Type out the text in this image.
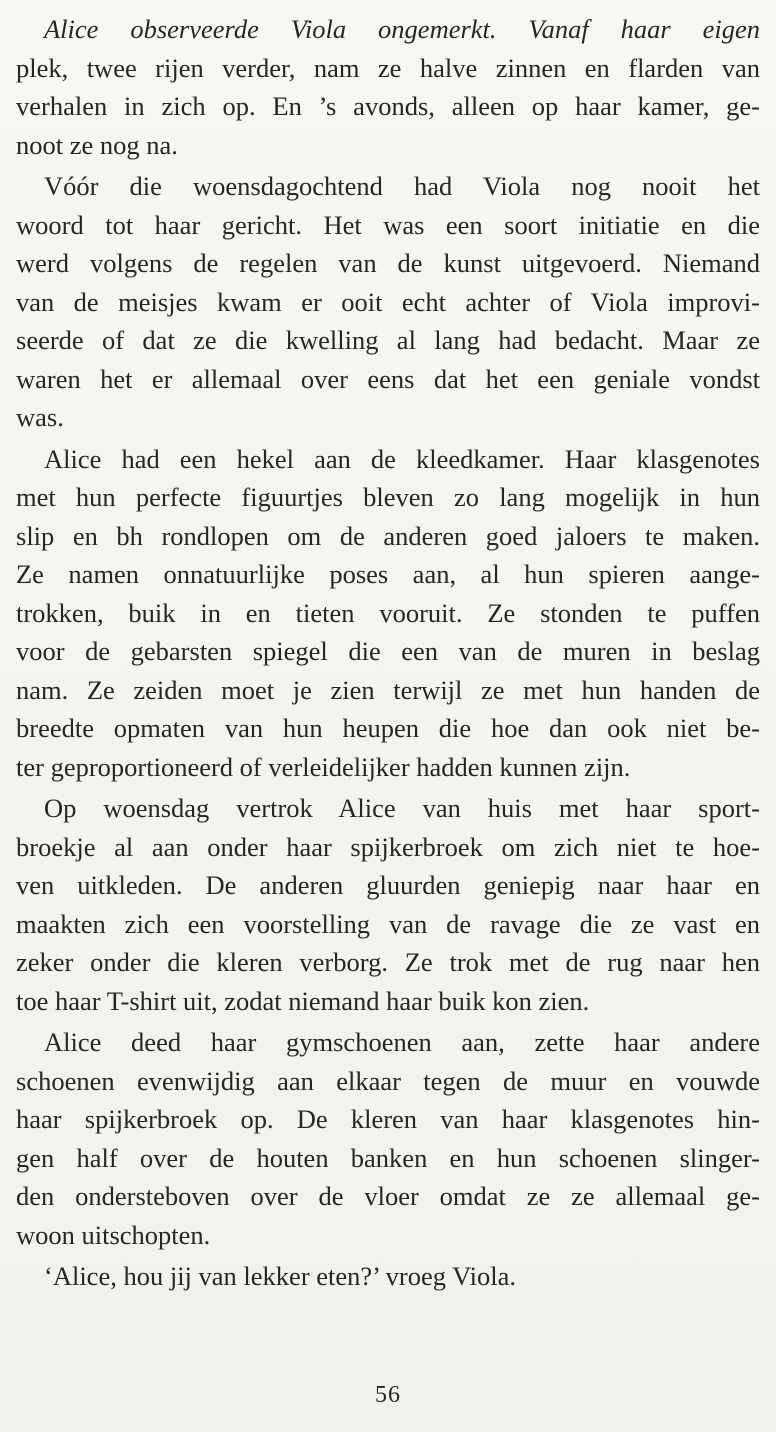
Alice observeerde Viola ongemerkt. Vanaf haar eigen
plek, twee rijen verder, nam ze halve zinnen en flarden van
verhalen in zich op. En ’s avonds, alleen op haar kamer, ge-
noot ze nog na.
Vóór die woensdagochtend had Viola nog nooit het
woord tot haar gericht. Het was een soort initiatie en die
werd volgens de regelen van de kunst uitgevoerd. Niemand
van de meisjes kwam er ooit echt achter of Viola improvi-
seerde of dat ze die kwelling al lang had bedacht. Maar ze
waren het er allemaal over eens dat het een geniale vondst
was.
Alice had een hekel aan de kleedkamer. Haar klasgenotes
met hun perfecte figuurtjes bleven zo lang mogelijk in hun
slip en bh rondlopen om de anderen goed jaloers te maken.
Ze namen onnatuurlijke poses aan, al hun spieren aange-
trokken, buik in en tieten vooruit. Ze stonden te puffen
voor de gebarsten spiegel die een van de muren in beslag
nam. Ze zeiden moet je zien terwijl ze met hun handen de
breedte opmaten van hun heupen die hoe dan ook niet be-
ter geproportioneerd of verleidelijker hadden kunnen zijn.
Op woensdag vertrok Alice van huis met haar sport-
broekje al aan onder haar spijkerbroek om zich niet te hoe-
ven uitkleden. De anderen gluurden geniepig naar haar en
maakten zich een voorstelling van de ravage die ze vast en
zeker onder die kleren verborg. Ze trok met de rug naar hen
toe haar T-shirt uit, zodat niemand haar buik kon zien.
Alice deed haar gymschoenen aan, zette haar andere
schoenen evenwijdig aan elkaar tegen de muur en vouwde
haar spijkerbroek op. De kleren van haar klasgenotes hin-
gen half over de houten banken en hun schoenen slinger-
den ondersteboven over de vloer omdat ze ze allemaal ge-
woon uitschopten.
‘Alice, hou jij van lekker eten?’ vroeg Viola.
56
